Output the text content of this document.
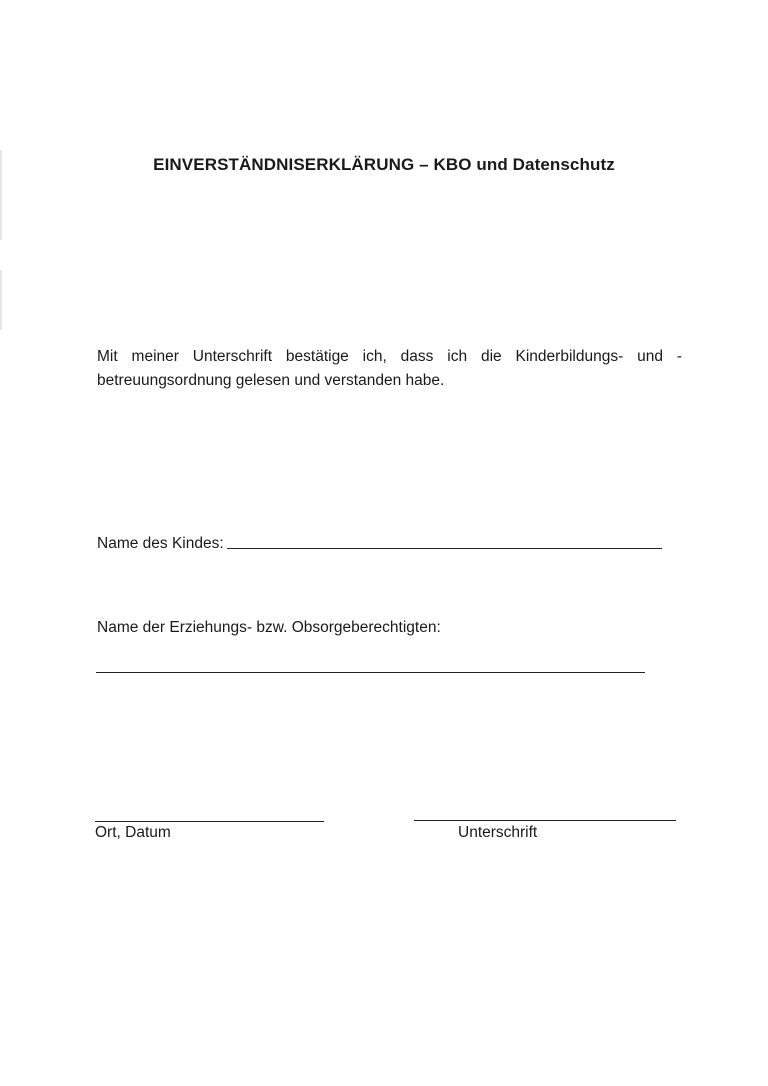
EINVERSTÄNDNISERKLÄRUNG – KBO und Datenschutz
Mit meiner Unterschrift bestätige ich, dass ich die Kinderbildungs- und -
betreuungsordnung gelesen und verstanden habe.
Name des Kindes:
Name der Erziehungs- bzw. Obsorgeberechtigten:
Ort, Datum	Unterschrift
